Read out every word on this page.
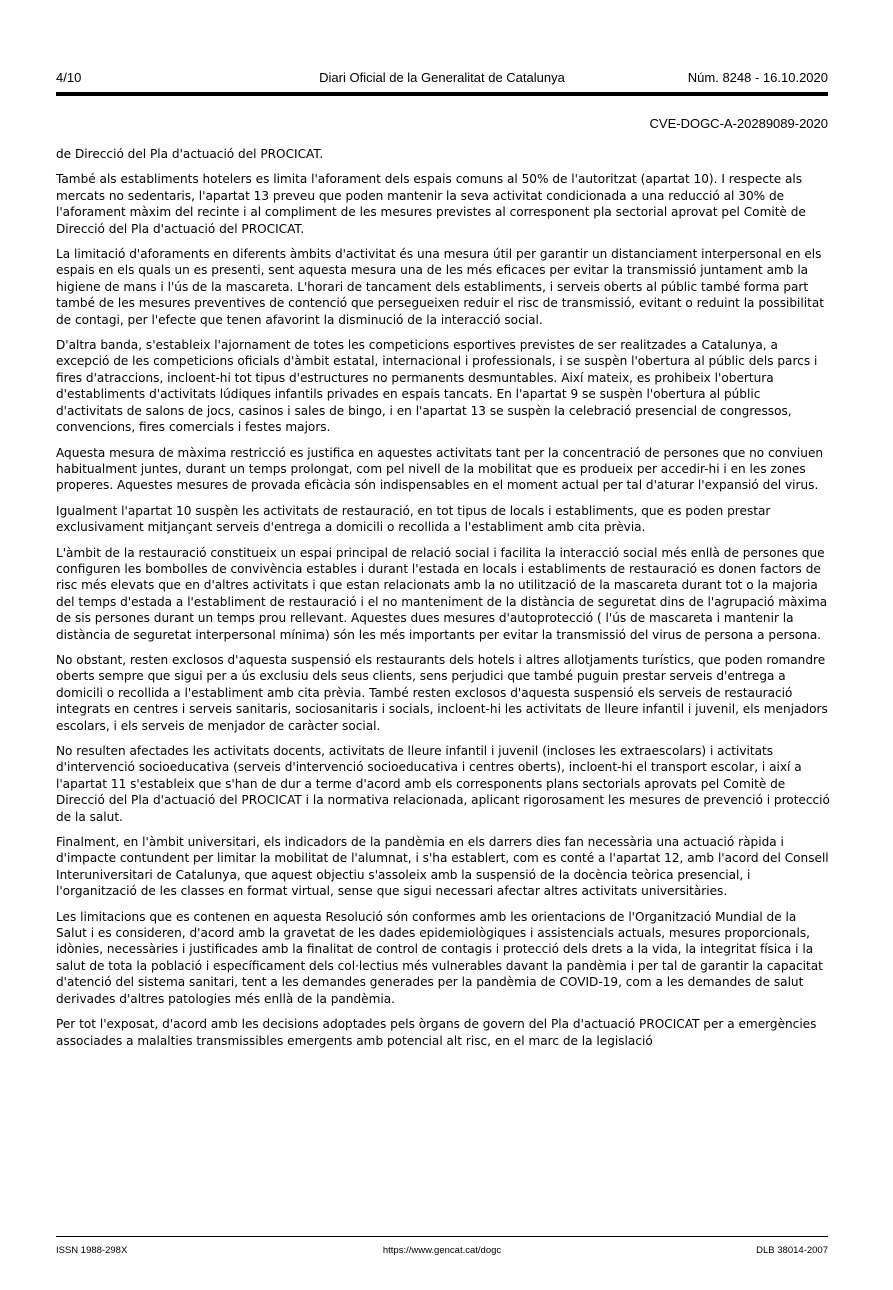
4/10	Diari Oficial de la Generalitat de Catalunya	Núm. 8248 - 16.10.2020
CVE-DOGC-A-20289089-2020

de Direcció del Pla d'actuació del PROCICAT.

També als establiments hotelers es limita l'aforament dels espais comuns al 50% de l'autoritzat (apartat 10). I respecte als mercats no sedentaris, l'apartat 13 preveu que poden mantenir la seva activitat condicionada a una reducció al 30% de l'aforament màxim del recinte i al compliment de les mesures previstes al corresponent pla sectorial aprovat pel Comitè de Direcció del Pla d'actuació del PROCICAT.

La limitació d'aforaments en diferents àmbits d'activitat és una mesura útil per garantir un distanciament interpersonal en els espais en els quals un es presenti, sent aquesta mesura una de les més eficaces per evitar la transmissió juntament amb la higiene de mans i l'ús de la mascareta. L'horari de tancament dels establiments, i serveis oberts al públic també forma part també de les mesures preventives de contenció que persegueixen reduir el risc de transmissió, evitant o reduint la possibilitat de contagi, per l'efecte que tenen afavorint la disminució de la interacció social.

D'altra banda, s'estableix l'ajornament de totes les competicions esportives previstes de ser realitzades a Catalunya, a excepció de les competicions oficials d'àmbit estatal, internacional i professionals, i se suspèn l'obertura al públic dels parcs i fires d'atraccions, incloent-hi tot tipus d'estructures no permanents desmuntables. Així mateix, es prohibeix l'obertura d'establiments d'activitats lúdiques infantils privades en espais tancats. En l'apartat 9 se suspèn l'obertura al públic d'activitats de salons de jocs, casinos i sales de bingo, i en l'apartat 13 se suspèn la celebració presencial de congressos, convencions, fires comercials i festes majors.

Aquesta mesura de màxima restricció es justifica en aquestes activitats tant per la concentració de persones que no conviuen habitualment juntes, durant un temps prolongat, com pel nivell de la mobilitat que es produeix per accedir-hi i en les zones properes. Aquestes mesures de provada eficàcia són indispensables en el moment actual per tal d'aturar l'expansió del virus.

Igualment l'apartat 10 suspèn les activitats de restauració, en tot tipus de locals i establiments, que es poden prestar exclusivament mitjançant serveis d'entrega a domicili o recollida a l'establiment amb cita prèvia.

L'àmbit de la restauració constitueix un espai principal de relació social i facilita la interacció social més enllà de persones que configuren les bombolles de convivència estables i durant l'estada en locals i establiments de restauració es donen factors de risc més elevats que en d'altres activitats i que estan relacionats amb la no utilització de la mascareta durant tot o la majoria del temps d'estada a l'establiment de restauració i el no manteniment de la distància de seguretat dins de l'agrupació màxima de sis persones durant un temps prou rellevant. Aquestes dues mesures d'autoprotecció ( l'ús de mascareta i mantenir la distància de seguretat interpersonal mínima) són les més importants per evitar la transmissió del virus de persona a persona.

No obstant, resten exclosos d'aquesta suspensió els restaurants dels hotels i altres allotjaments turístics, que poden romandre oberts sempre que sigui per a ús exclusiu dels seus clients, sens perjudici que també puguin prestar serveis d'entrega a domicili o recollida a l'establiment amb cita prèvia. També resten exclosos d'aquesta suspensió els serveis de restauració integrats en centres i serveis sanitaris, sociosanitaris i socials, incloent-hi les activitats de lleure infantil i juvenil, els menjadors escolars, i els serveis de menjador de caràcter social.

No resulten afectades les activitats docents, activitats de lleure infantil i juvenil (incloses les extraescolars) i activitats d'intervenció socioeducativa (serveis d'intervenció socioeducativa i centres oberts), incloent-hi el transport escolar, i així a l'apartat 11 s'estableix que s'han de dur a terme d'acord amb els corresponents plans sectorials aprovats pel Comitè de Direcció del Pla d'actuació del PROCICAT i la normativa relacionada, aplicant rigorosament les mesures de prevenció i protecció de la salut.

Finalment, en l'àmbit universitari, els indicadors de la pandèmia en els darrers dies fan necessària una actuació ràpida i d'impacte contundent per limitar la mobilitat de l'alumnat, i s'ha establert, com es conté a l'apartat 12, amb l'acord del Consell Interuniversitari de Catalunya, que aquest objectiu s'assoleix amb la suspensió de la docència teòrica presencial, i l'organització de les classes en format virtual, sense que sigui necessari afectar altres activitats universitàries.

Les limitacions que es contenen en aquesta Resolució són conformes amb les orientacions de l'Organització Mundial de la Salut i es consideren, d'acord amb la gravetat de les dades epidemiològiques i assistencials actuals, mesures proporcionals, idònies, necessàries i justificades amb la finalitat de control de contagis i protecció dels drets a la vida, la integritat física i la salut de tota la població i específicament dels col·lectius més vulnerables davant la pandèmia i per tal de garantir la capacitat d'atenció del sistema sanitari, tent a les demandes generades per la pandèmia de COVID-19, com a les demandes de salut derivades d'altres patologies més enllà de la pandèmia.

Per tot l'exposat, d'acord amb les decisions adoptades pels òrgans de govern del Pla d'actuació PROCICAT per a emergències associades a malalties transmissibles emergents amb potencial alt risc, en el marc de la legislació

ISSN 1988-298X	https://www.gencat.cat/dogc	DLB 38014-2007
